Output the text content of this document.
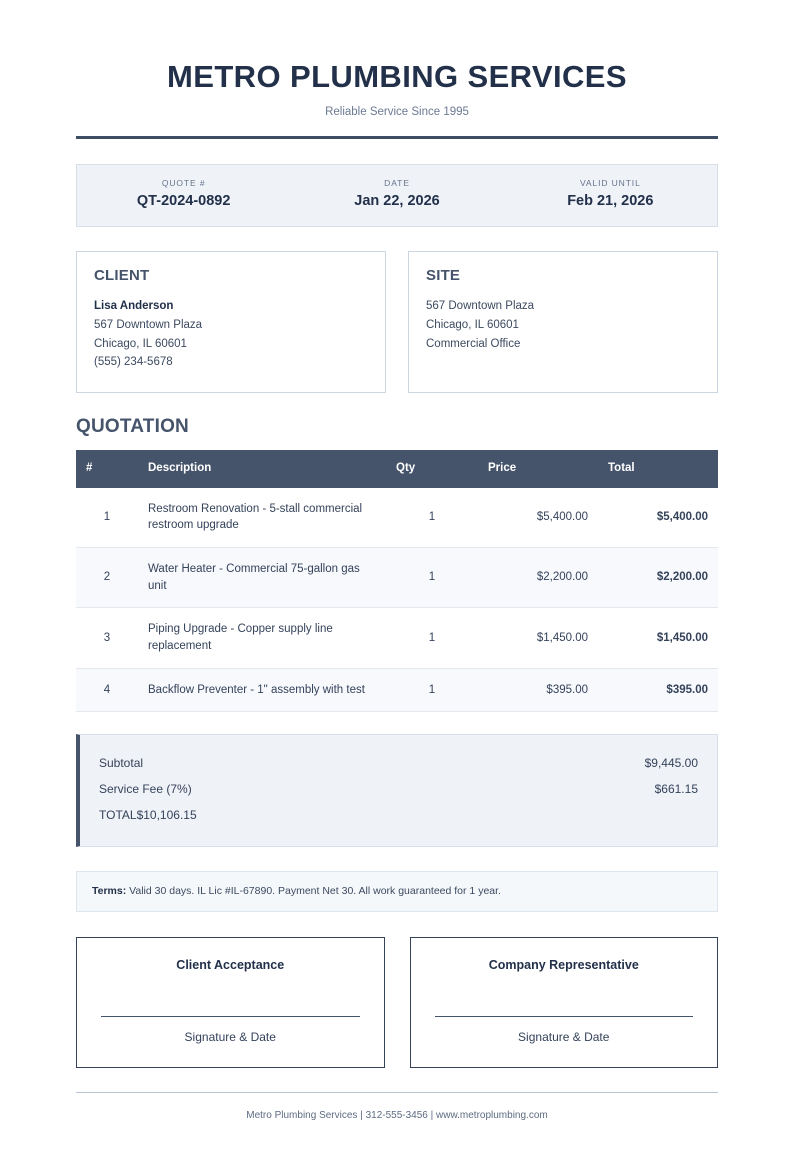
METRO PLUMBING SERVICES

Reliable Service Since 1995

QUOTE #
QT-2024-0892
DATE
Jan 22, 2026
VALID UNTIL
Feb 21, 2026
CLIENT
Lisa Anderson
567 Downtown Plaza
Chicago, IL 60601
(555) 234-5678
SITE
567 Downtown Plaza
Chicago, IL 60601
Commercial Office
QUOTATION
#	Description	Qty	Price	Total
1	Restroom Renovation - 5-stall commercial restroom upgrade	1	$5,400.00	$5,400.00
2	Water Heater - Commercial 75-gallon gas unit	1	$2,200.00	$2,200.00
3	Piping Upgrade - Copper supply line replacement	1	$1,450.00	$1,450.00
4	Backflow Preventer - 1" assembly with test	1	$395.00	$395.00
Subtotal	$9,445.00
Service Fee (7%)	$661.15
TOTAL$10,106.15
Terms: Valid 30 days. IL Lic #IL-67890. Payment Net 30. All work guaranteed for 1 year.
Client Acceptance
Signature & Date
Company Representative
Signature & Date
Metro Plumbing Services | 312-555-3456 | www.metroplumbing.com
